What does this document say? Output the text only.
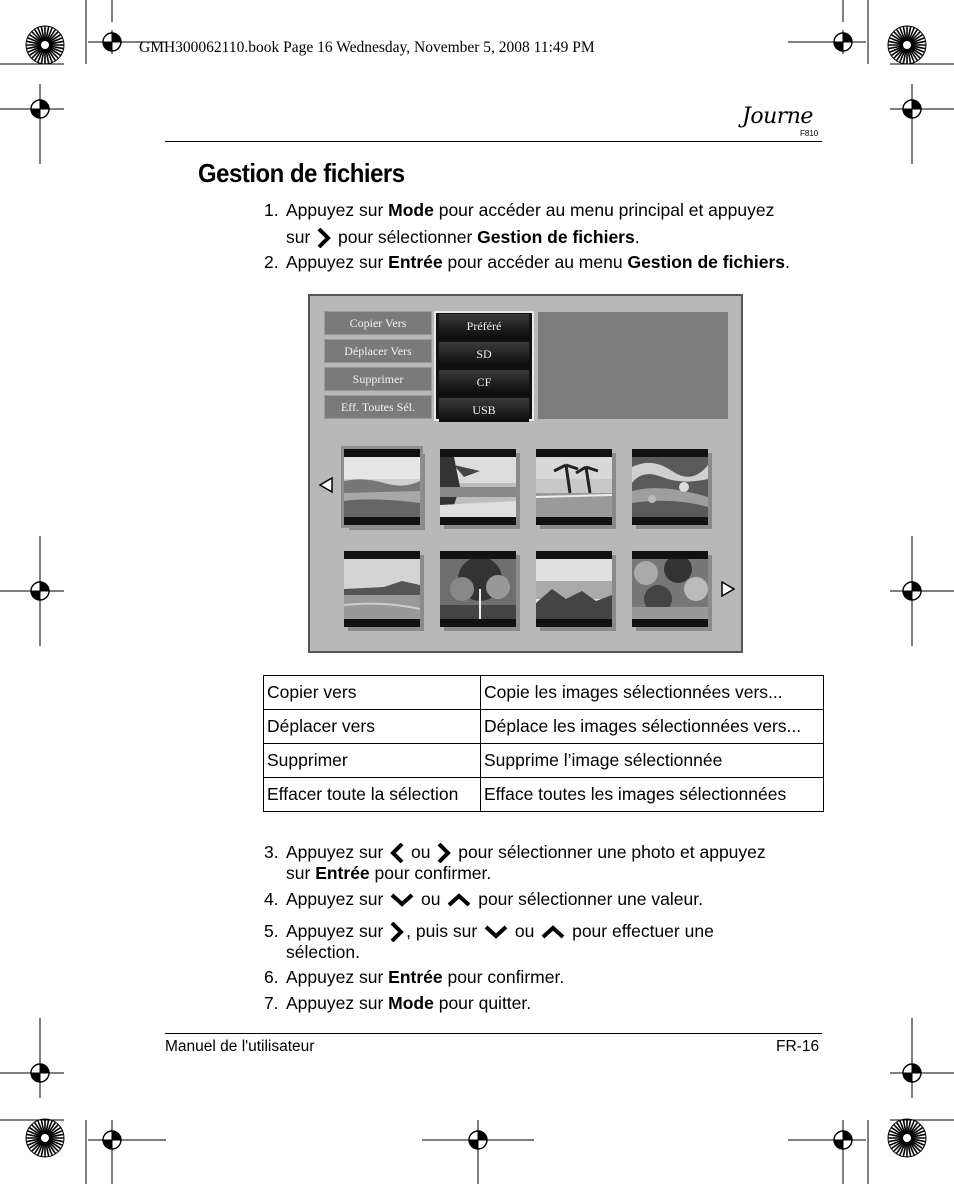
GMH300062110.book Page 16 Wednesday, November 5, 2008 11:49 PM
Journe
F810
Gestion de fichiers
1. Appuyez sur Mode pour accéder au menu principal et appuyez
sur  pour sélectionner Gestion de fichiers.
2. Appuyez sur Entrée pour accéder au menu Gestion de fichiers.
Copier Vers
Déplacer Vers
Supprimer
Eff. Toutes Sél.
Préféré
SD
CF
USB
Copier vers	Copie les images sélectionnées vers...
Déplacer vers	Déplace les images sélectionnées vers...
Supprimer	Supprime l’image sélectionnée
Effacer toute la sélection	Efface toutes les images sélectionnées
3. Appuyez sur  ou  pour sélectionner une photo et appuyez
sur Entrée pour confirmer.
4. Appuyez sur  ou  pour sélectionner une valeur.
5. Appuyez sur , puis sur  ou  pour effectuer une
sélection.
6. Appuyez sur Entrée pour confirmer.
7. Appuyez sur Mode pour quitter.
Manuel de l'utilisateur	FR-16
